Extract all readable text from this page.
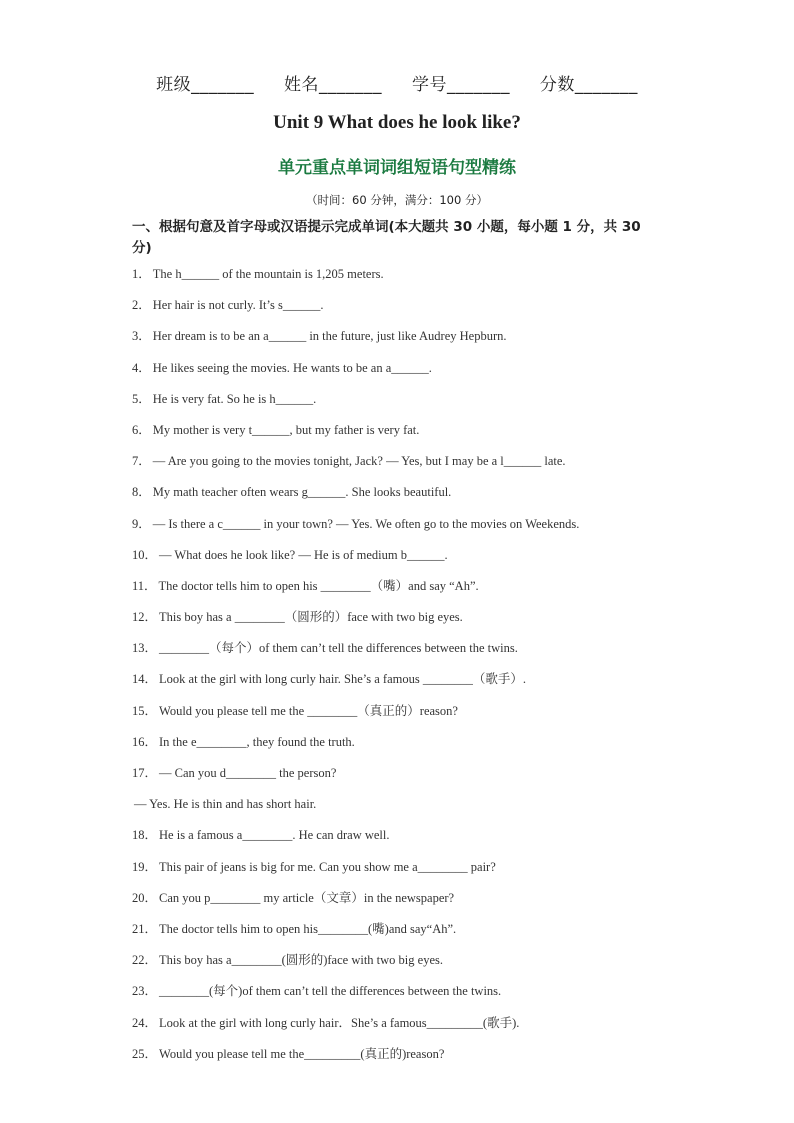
班级_______ 姓名_______ 学号_______ 分数_______
Unit 9 What does he look like?
单元重点单词词组短语句型精练
（时间：60 分钟，满分：100 分）
一、根据句意及首字母或汉语提示完成单词(本大题共 30 小题，每小题 1 分，共 30 分)
1． The h______ of the mountain is 1,205 meters.
2． Her hair is not curly. It’s s______.
3． Her dream is to be an a______ in the future, just like Audrey Hepburn.
4． He likes seeing the movies. He wants to be an a______.
5． He is very fat. So he is h______.
6． My mother is very t______, but my father is very fat.
7． — Are you going to the movies tonight, Jack? — Yes, but I may be a l______ late.
8． My math teacher often wears g______. She looks beautiful.
9． — Is there a c______ in your town? — Yes. We often go to the movies on Weekends.
10． — What does he look like? — He is of medium b______.
11． The doctor tells him to open his ________（嘴）and say “Ah”.
12． This boy has a ________（圆形的）face with two big eyes.
13． ________（每个）of them can’t tell the differences between the twins.
14． Look at the girl with long curly hair. She’s a famous ________（歌手）.
15． Would you please tell me the ________（真正的）reason?
16． In the e________, they found the truth.
17． — Can you d________ the person?
— Yes. He is thin and has short hair.
18． He is a famous a________. He can draw well.
19． This pair of jeans is big for me. Can you show me a________ pair?
20． Can you p________ my article（文章）in the newspaper?
21． The doctor tells him to open his________(嘴)and say“Ah”.
22． This boy has a________(圆形的)face with two big eyes.
23． ________(每个)of them can’t tell the differences between the twins.
24． Look at the girl with long curly hair．She’s a famous_________(歌手).
25． Would you please tell me the_________(真正的)reason?
